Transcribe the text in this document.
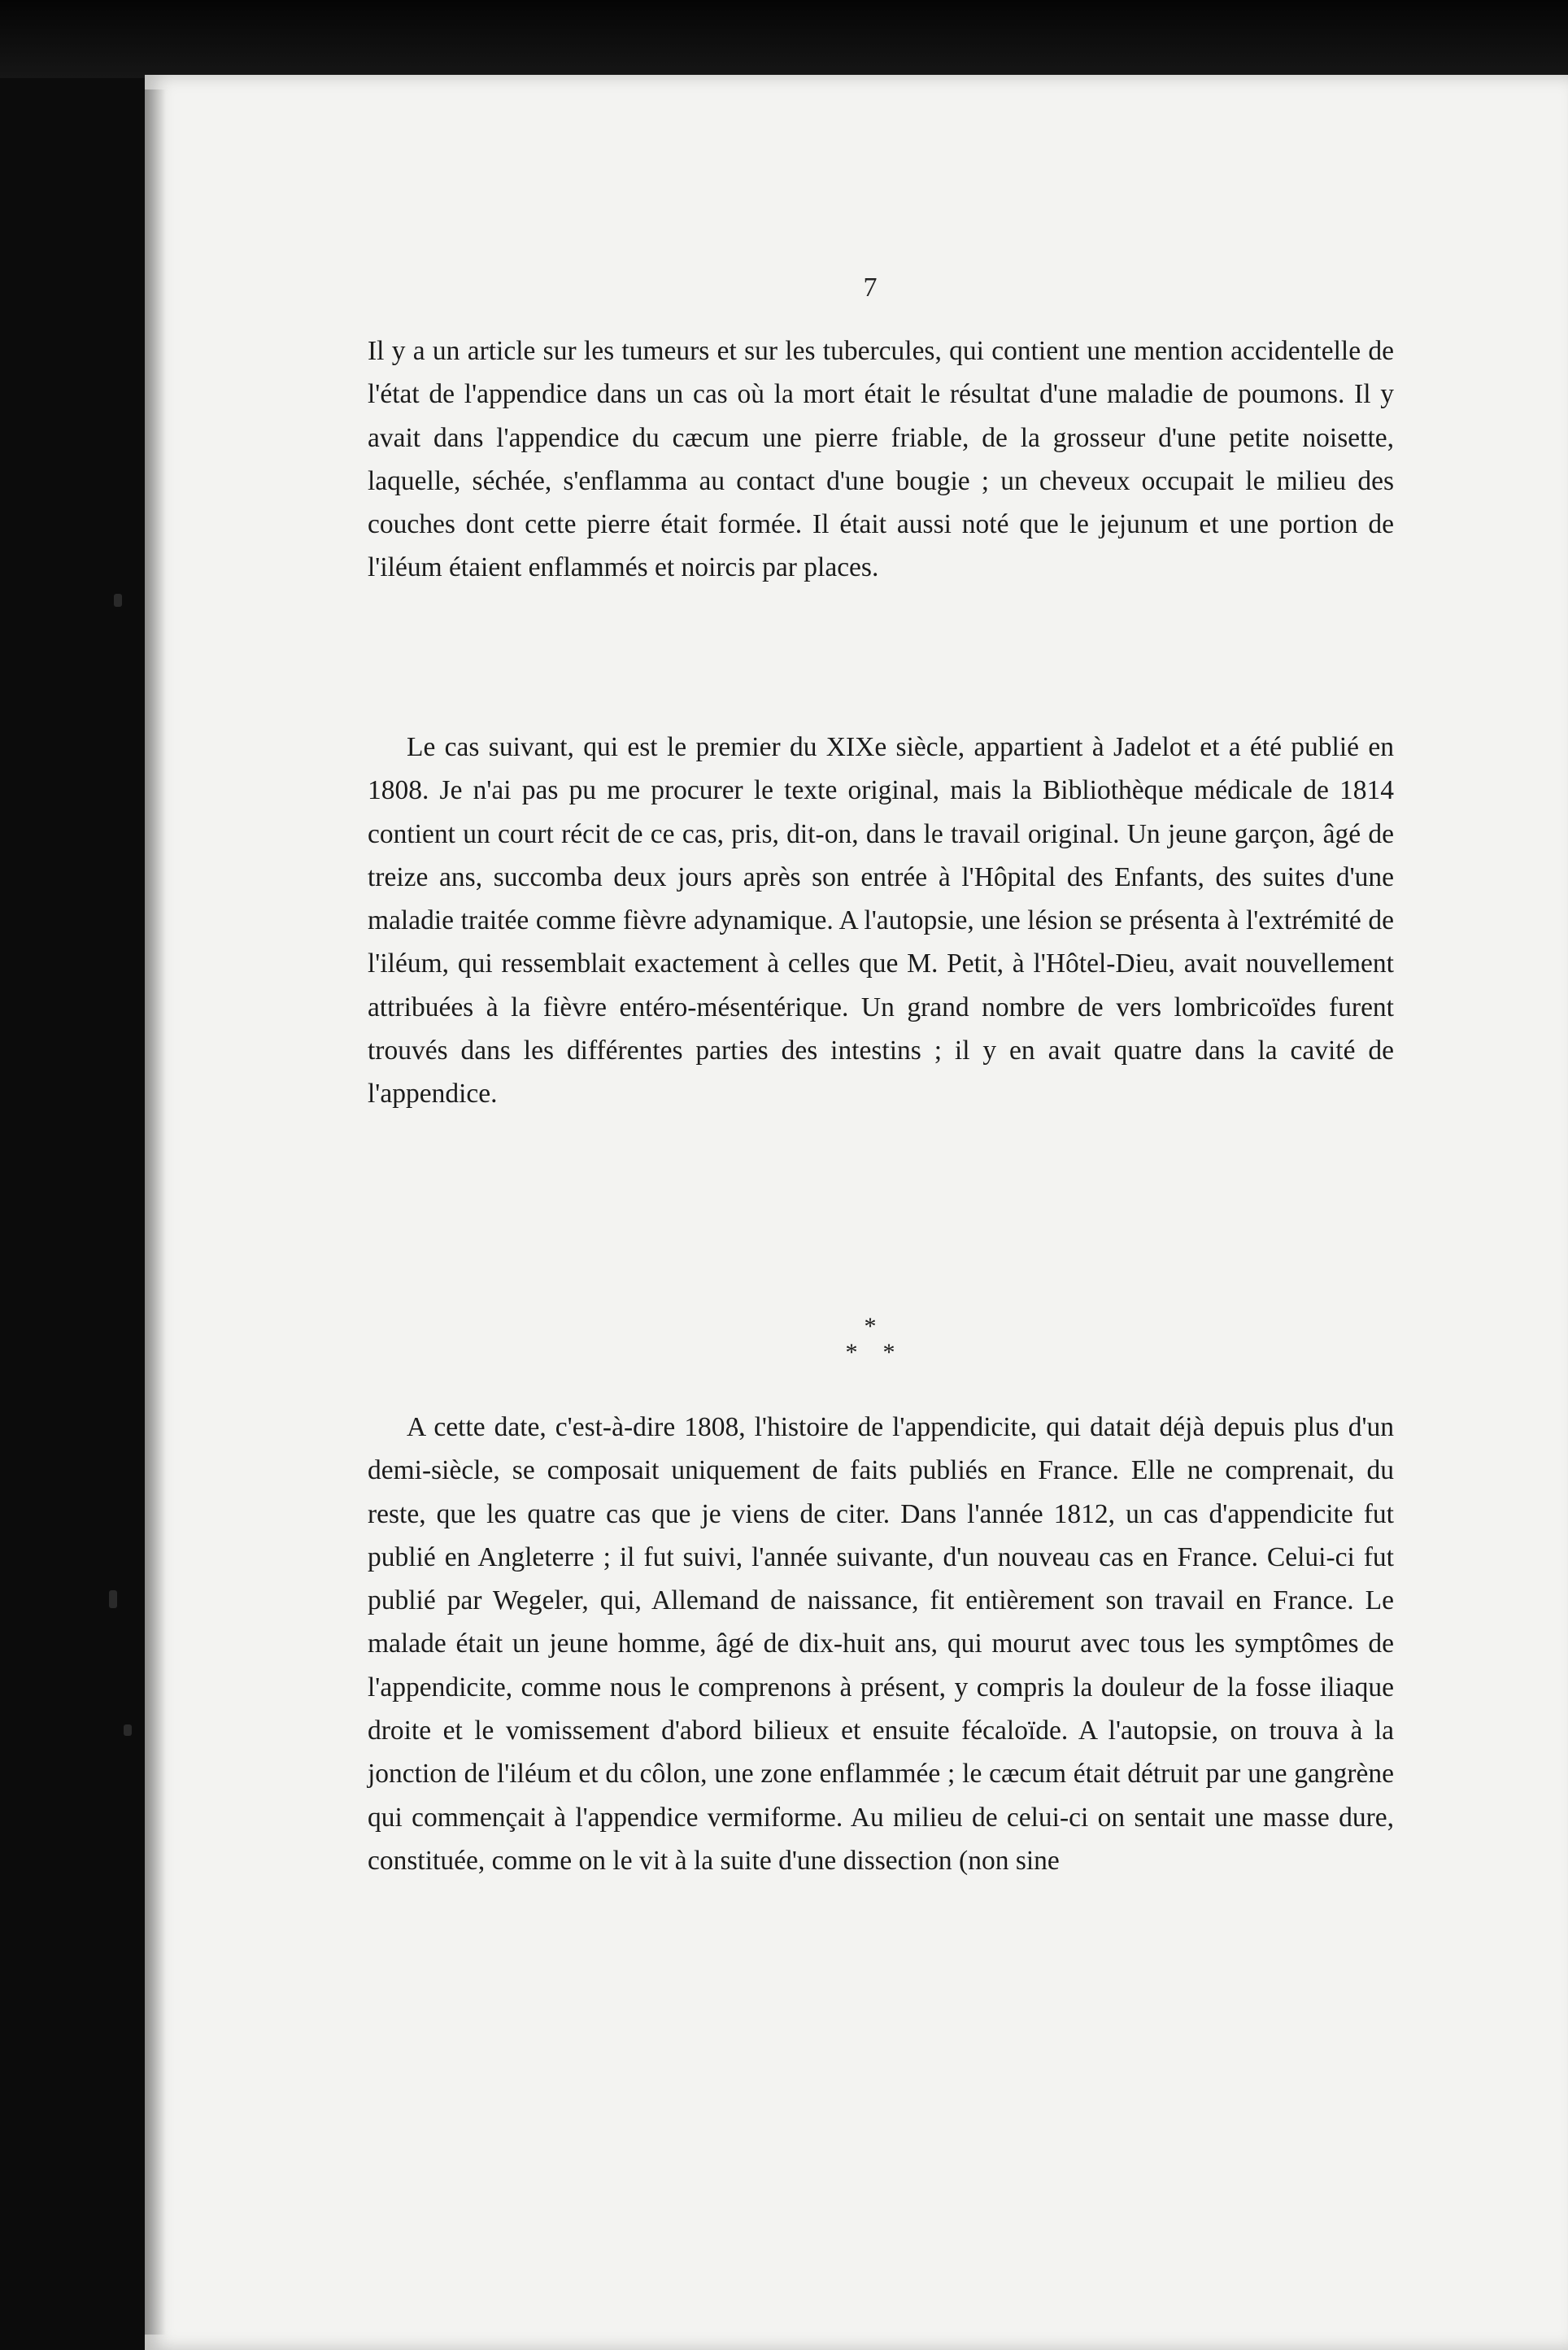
7

Il y a un article sur les tumeurs et sur les tubercules, qui contient une mention accidentelle de l'état de l'appendice dans un cas où la mort était le résultat d'une maladie de poumons. Il y avait dans l'appendice du cæcum une pierre friable, de la grosseur d'une petite noisette, laquelle, séchée, s'enflamma au contact d'une bougie ; un cheveux occupait le milieu des couches dont cette pierre était formée. Il était aussi noté que le jejunum et une portion de l'iléum étaient enflammés et noircis par places.

Le cas suivant, qui est le premier du XIXe siècle, appartient à Jadelot et a été publié en 1808. Je n'ai pas pu me procurer le texte original, mais la Bibliothèque médicale de 1814 contient un court récit de ce cas, pris, dit-on, dans le travail original. Un jeune garçon, âgé de treize ans, succomba deux jours après son entrée à l'Hôpital des Enfants, des suites d'une maladie traitée comme fièvre adynamique. A l'autopsie, une lésion se présenta à l'extrémité de l'iléum, qui ressemblait exactement à celles que M. Petit, à l'Hôtel-Dieu, avait nouvellement attribuées à la fièvre entéro-mésentérique. Un grand nombre de vers lombricoïdes furent trouvés dans les différentes parties des intestins ; il y en avait quatre dans la cavité de l'appendice.

*
* *

A cette date, c'est-à-dire 1808, l'histoire de l'appendicite, qui datait déjà depuis plus d'un demi-siècle, se composait uniquement de faits publiés en France. Elle ne comprenait, du reste, que les quatre cas que je viens de citer. Dans l'année 1812, un cas d'appendicite fut publié en Angleterre ; il fut suivi, l'année suivante, d'un nouveau cas en France. Celui-ci fut publié par Wegeler, qui, Allemand de naissance, fit entièrement son travail en France. Le malade était un jeune homme, âgé de dix-huit ans, qui mourut avec tous les symptômes de l'appendicite, comme nous le comprenons à présent, y compris la douleur de la fosse iliaque droite et le vomissement d'abord bilieux et ensuite fécaloïde. A l'autopsie, on trouva à la jonction de l'iléum et du côlon, une zone enflammée ; le cæcum était détruit par une gangrène qui commençait à l'appendice vermiforme. Au milieu de celui-ci on sentait une masse dure, constituée, comme on le vit à la suite d'une dissection (non sine
